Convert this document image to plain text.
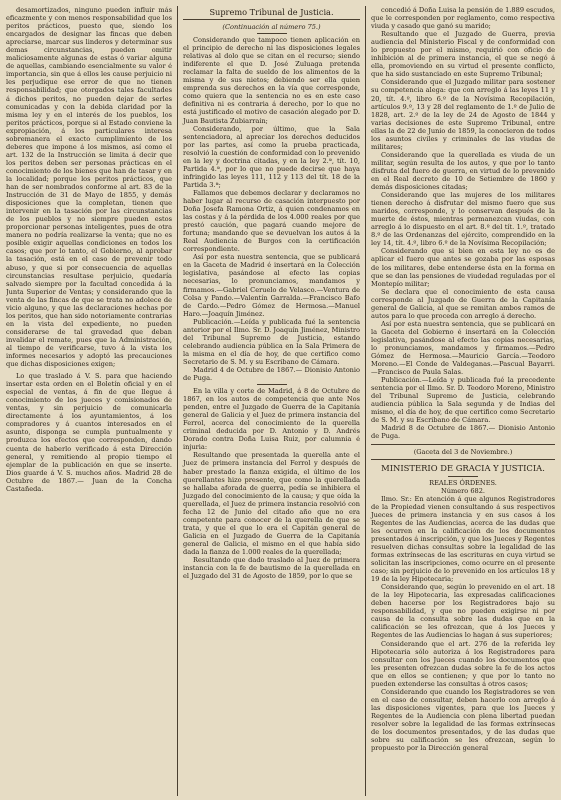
desamortizados, ninguno pueden influir más eficazmente y con menos responsabilidad que los peritos prácticos, puesto que, siendo los encargados de designar las fincas que deben apreciarse, marcar sus linderos y determinar sus demas circunstancias, pueden omitir maliciosamente algunas de estas ó variar alguna de aquellas, cambiando esencialmente su valor é importancia, sin que á ellos les cause perjuicio ni les perjudique ese error de que no tienen responsabilidad; que otorgados tales facultades á dichos peritos, no pueden dejar de serles comunicadas y con la debida claridad por la misma ley y en el interés de los pueblos, los peritos prácticos, porque si al Estado conviene la expropiación, á los particulares interesa sobremanera el exacto cumplimiento de los deberes que impone á los mismos, así como el art. 132 de la Instrucción se limita á decir que los peritos deben ser personas prácticas en el conocimiento de los bienes que han de tasar y en la localidad; porque los peritos prácticos, que han de ser nombrados conforme al art. 83 de la Instrucción de 31 de Mayo de 1855, y demás disposiciones que la completan, tienen que intervenir en la tasación por las circunstancias de los pueblos y no siempre pueden estos proporcionar personas inteligentes, pues de otra manera no podría realizarse la venta; que no es posible exigir aquellas condiciones en todos los casos; que por lo tanto, el Gobierno, al aprobar la tasación, está en el caso de prevenir todo abuso, y que si por consecuencia de aquellas circunstancias resultase perjuicio, quedaría salvado siempre por la facultad concedida á la Junta Superior de Ventas; y considerando que la venta de las fincas de que se trata no adolece de vicio alguno, y que las declaraciones hechas por los peritos, que han sido notoriamente contrarias en la vista del expediente, no pueden considerarse de tal gravedad que deban invalidar el remate, pues que la Administración, al tiempo de verificarse, tuvo á la vista los informes necesarios y adoptó las precauciones que dichas disposiciones exigen;

Lo que traslado á V. S. para que haciendo insertar esta orden en el Boletín oficial y en el especial de ventas, á fin de que llegue á conocimiento de los jueces y comisionados de ventas, y sin perjuicio de comunicarla directamente á los ayuntamientos, á los compradores y á cuantos interesados en el asunto, disponga se cumpla puntualmente y produzca los efectos que corresponden, dando cuenta de haberlo verificado á esta Dirección general, y remitiendo al propio tiempo el ejemplar de la publicación en que se inserte. Dios guarde á V. S. muchos años. Madrid 28 de Octubre de 1867.— Juan de la Concha Castañeda.

Supremo Tribunal de Justicia.

(Continuación al número 75.)

Considerando que tampoco tienen aplicación en el principio de derecho ni las disposiciones legales relativas al dolo que se citan en el recurso; siendo indiferente el que D. José Zuluaga pretenda reclamar la falta de sueldo de los alimentos de la misma y de sus nietos; debiendo ser ella quien emprenda sus derechos en la vía que corresponde, como quiera que la sentencia no es en este caso definitiva ni es contraria á derecho, por lo que no está justificado el motivo de casación alegado por D. Juan Bautista Zubiarrain;

Considerando, por último, que la Sala sentenciadora, al apreciar los derechos deducidos por las partes, así como la prueba practicada, resolvió la cuestión de conformidad con lo prevenido en la ley y doctrina citadas, y en la ley 2.ª, tít. 10, Partida 4.ª, por lo que no puede decirse que haya infringido las leyes 111, 112 y 113 del tít. 18 de la Partida 3.ª;

Fallamos que debemos declarar y declaramos no haber lugar al recurso de casación interpuesto por Doña Josefa Ramona Ortiz, á quien condenamos en las costas y á la pérdida de los 4.000 reales por que prestó caución, que pagará cuando mejore de fortuna; mandando que se devuelvan los autos á la Real Audiencia de Burgos con la certificación correspondiente.

Así por esta nuestra sentencia, que se publicará en la Gaceta de Madrid é insertará en la Colección legislativa, pasándose al efecto las copias necesarias, lo pronunciamos, mandamos y firmamos.—Gabriel Ceruelo de Velasco.—Ventura de Colsa y Pando.—Valentín Garralda.—Francisco Bafo de Cardo.—Pedro Gómez de Hermosa.—Manuel Haro.—Joaquín Jiménez.

Publicación.—Leída y publicada fué la sentencia anterior por el Ilmo. Sr. D. Joaquín Jiménez, Ministro del Tribunal Supremo de Justicia, estando celebrando audiencia pública en la Sala Primera de la misma en el día de hoy, de que certifico como Secretario de S. M. y su Escribano de Cámara.

Madrid 4 de Octubre de 1867.— Dionisio Antonio de Puga.

En la villa y corte de Madrid, á 8 de Octubre de 1867, en los autos de competencia que ante Nos penden, entre el Juzgado de Guerra de la Capitanía general de Galicia y el Juez de primera instancia del Ferrol, acerca del conocimiento de la querella criminal deducida por D. Antonio y D. Andrés Dorado contra Doña Luisa Ruiz, por calumnia é injuria:

Resultando que presentada la querella ante el Juez de primera instancia del Ferrol y después de haber prestado la fianza exigida, el último de los querellantes hizo presente, que como la querellada se hallaba aforada de guerra, pedía se inhibiera el Juzgado del conocimiento de la causa; y que oída la querellada, el Juez de primera instancia resolvió con fecha 12 de Junio del citado año que no era competente para conocer de la querella de que se trata, y que el que lo era el Capitán general de Galicia en el Juzgado de Guerra de la Capitanía general de Galicia, el mismo en el que había sido dada la fianza de 1.000 reales de la querellada;

Resultando que dado traslado al Juez de primera instancia con la fe de bautismo de la querellada en el Juzgado del 31 de Agosto de 1859, por lo que se

concedió á Doña Luisa la pensión de 1.889 escudos, que le corresponden por reglamento, como respectiva viuda y casado que ganó su marido;

Resultando que el Juzgado de Guerra, previa audiencia del Ministerio Fiscal y de conformidad con lo propuesto por el mismo, requirió con oficio de inhibición al de primera instancia, el que se negó á ella, promoviendo en su virtud el presente conflicto, que ha sido sustanciado en este Supremo Tribunal;

Considerando que el Juzgado militar para sostener su competencia alega: que con arreglo á las leyes 11 y 20, tít. 4.º, libro 6.º de la Novísima Recopilación, artículos 9.º, 13 y 28 del reglamento de 1.º de Julio de 1828, art. 2.º de la ley de 24 de Agosto de 1844 y varias decisiones de este Supremo Tribunal, entre ellas la de 22 de Junio de 1859, la conocieron de todos los asuntos civiles y criminales de las viudas de militares;

Considerando que la querellada es viuda de un militar, según resulta de los autos, y que por lo tanto disfruta del fuero de guerra, en virtud de lo prevenido en el Real decreto de 10 de Setiembre de 1860 y demás disposiciones citadas;

Considerando que las mujeres de los militares tienen derecho á disfrutar del mismo fuero que sus maridos, corresponde, y lo conservan después de la muerte de éstos, mientras permanezcan viudas, con arreglo á lo dispuesto en el art. 8.º del tít. 1.º, tratado 8.º de las Ordenanzas del ejército, comprendido en la ley 14, tít. 4.º, libro 6.º de la Novísima Recopilación;

Considerando que si bien en esta ley no es de aplicar el fuero que antes se gozaba por las esposas de los militares, debe entenderse ésta en la forma en que se dan las pensiones de viudedad reguladas por el Montepío militar;

Se declara que el conocimiento de esta causa corresponde al Juzgado de Guerra de la Capitanía general de Galicia, al que se remitan ambos ramos de autos para lo que proceda con arreglo á derecho.

Así por esta nuestra sentencia, que se publicará en la Gaceta del Gobierno é insertará en la Colección legislativa, pasándose al efecto las copias necesarias, lo pronunciamos, mandamos y firmamos.—Pedro Gómez de Hermosa.—Mauricio García.—Teodoro Moreno.—El Conde de Valdeganas.—Pascual Bayarri.—Francisco de Paula Salas.

Publicación.—Leída y publicada fué la precedente sentencia por el Ilmo. Sr. D. Teodoro Moreno, Ministro del Tribunal Supremo de Justicia, celebrando audiencia pública la Sala segunda y de Indias del mismo, el día de hoy, de que certifico como Secretario de S. M. y su Escribano de Cámara.

Madrid 8 de Octubre de 1867.— Dionisio Antonio de Puga.

(Gaceta del 3 de Noviembre.)

MINISTERIO DE GRACIA Y JUSTICIA.

REALES ÓRDENES.

Número 682.

Ilmo. Sr.: En atención á que algunos Registradores de la Propiedad vienen consultando á sus respectivos Jueces de primera instancia y en sus casos á los Regentes de las Audiencias, acerca de las dudas que les ocurren en la calificación de los documentos presentados á inscripción, y que los Jueces y Regentes resuelven dichas consultas sobre la legalidad de las formas extrínsecas de las escrituras en cuya virtud se solicitan las inscripciones, como ocurre en el presente caso; sin perjuicio de lo prevenido en los artículos 18 y 19 de la ley Hipotecaria;

Considerando que, según lo prevenido en el art. 18 de la ley Hipotecaria, las expresadas calificaciones deben hacerse por los Registradores bajo su responsabilidad, y que no pueden exigirse ni por causa de la consulta sobre las dudas que en la calificación se les ofrezcan, que á los Jueces y Regentes de las Audiencias lo hagan á sus superiores;

Considerando que el art. 276 de la referida ley Hipotecaria sólo autoriza á los Registradores para consultar con los Jueces cuando los documentos que les presenten ofrezcan dudas sobre la fe de los actos que en ellos se contienen; y que por lo tanto no pueden extenderse las consultas á otros casos;

Considerando que cuando los Registradores se ven en el caso de consultar, deben hacerlo con arreglo á las disposiciones vigentes, para que los Jueces y Regentes de la Audiencia con plena libertad puedan resolver sobre la legalidad de las formas extrínsecas de los documentos presentados, y de las dudas que sobre su calificación se les ofrezcan, según lo propuesto por la Dirección general
